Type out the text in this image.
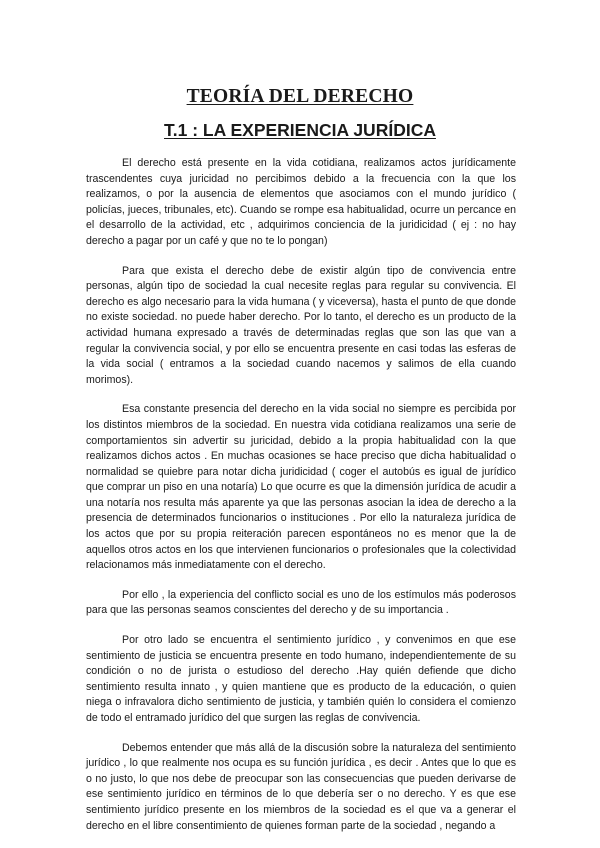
TEORÍA DEL DERECHO
T.1 : LA EXPERIENCIA JURÍDICA

El derecho está presente en la vida cotidiana, realizamos actos jurídicamente trascendentes cuya juricidad no percibimos debido a la frecuencia con la que los realizamos, o por la ausencia de elementos que asociamos con el mundo jurídico ( policías, jueces, tribunales, etc). Cuando se rompe esa habitualidad, ocurre un percance en el desarrollo de la actividad, etc , adquirimos conciencia de la juridicidad ( ej : no hay derecho a pagar por un café y que no te lo pongan)

Para que exista el derecho debe de existir algún tipo de convivencia entre personas, algún tipo de sociedad la cual necesite reglas para regular su convivencia. El derecho es algo necesario para la vida humana ( y viceversa), hasta el punto de que donde no existe sociedad. no puede haber derecho. Por lo tanto, el derecho es un producto de la actividad humana expresado a través de determinadas reglas que son las que van a regular la convivencia social, y por ello se encuentra presente en casi todas las esferas de la vida social ( entramos a la sociedad cuando nacemos y salimos de ella cuando morimos).

Esa constante presencia del derecho en la vida social no siempre es percibida por los distintos miembros de la sociedad. En nuestra vida cotidiana realizamos una serie de comportamientos sin advertir su juricidad, debido a la propia habitualidad con la que realizamos dichos actos . En muchas ocasiones se hace preciso que dicha habitualidad o normalidad se quiebre para notar dicha juridicidad ( coger el autobús es igual de jurídico que comprar un piso en una notaría) Lo que ocurre es que la dimensión jurídica de acudir a una notaría nos resulta más aparente ya que las personas asocian la idea de derecho a la presencia de determinados funcionarios o instituciones . Por ello la naturaleza jurídica de los actos que por su propia reiteración parecen espontáneos no es menor que la de aquellos otros actos en los que intervienen funcionarios o profesionales que la colectividad relacionamos más inmediatamente con el derecho.

Por ello , la experiencia del conflicto social es uno de los estímulos más poderosos para que las personas seamos conscientes del derecho y de su importancia .

Por otro lado se encuentra el sentimiento jurídico , y convenimos en que ese sentimiento de justicia se encuentra presente en todo humano, independientemente de su condición o no de jurista o estudioso del derecho .Hay quién defiende que dicho sentimiento resulta innato , y quien mantiene que es producto de la educación, o quien niega o infravalora dicho sentimiento de justicia, y también quién lo considera el comienzo de todo el entramado jurídico del que surgen las reglas de convivencia.

Debemos entender que más allá de la discusión sobre la naturaleza del sentimiento jurídico , lo que realmente nos ocupa es su función jurídica , es decir . Antes que lo que es o no justo, lo que nos debe de preocupar son las consecuencias que pueden derivarse de ese sentimiento jurídico en términos de lo que debería ser o no derecho. Y es que ese sentimiento jurídico presente en los miembros de la sociedad es el que va a generar el derecho en el libre consentimiento de quienes forman parte de la sociedad , negando a
